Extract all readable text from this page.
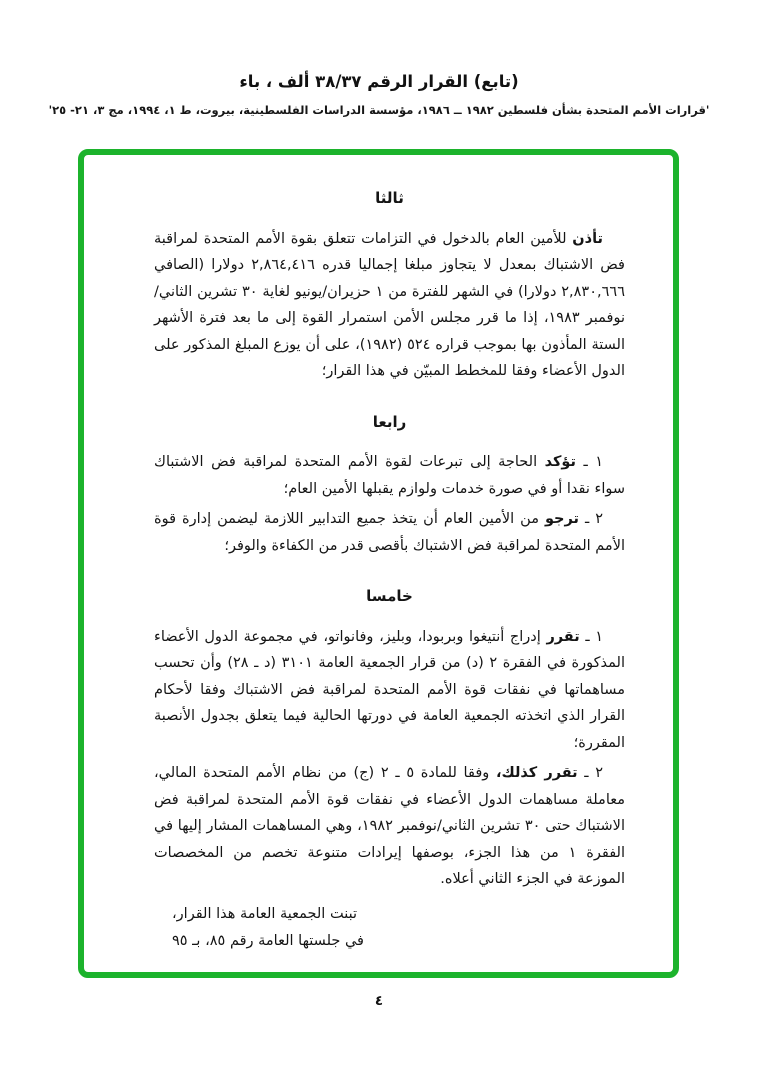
(تابع) القرار الرقم ٣٨/٣٧ ألف ، باء
'قرارات الأمم المتحدة بشأن فلسطين ١٩٨٢ ــ ١٩٨٦، مؤسسة الدراسات الفلسطينية، بيروت، ط ١، ١٩٩٤، مج ٣، ٢١- ٢٥'
ثالثا

تأذن للأمين العام بالدخول في التزامات تتعلق بقوة الأمم المتحدة لمراقبة فض الاشتباك بمعدل لا يتجاوز مبلغا إجماليا قدره ٢,٨٦٤,٤١٦ دولارا (الصافي ٢,٨٣٠,٦٦٦ دولارا) في الشهر للفترة من ١ حزيران/يونيو لغاية ٣٠ تشرين الثاني/نوفمبر ١٩٨٣، إذا ما قرر مجلس الأمن استمرار القوة إلى ما بعد فترة الأشهر الستة المأذون بها بموجب قراره ٥٢٤ (١٩٨٢)، على أن يوزع المبلغ المذكور على الدول الأعضاء وفقا للمخطط المبيّن في هذا القرار؛

رابعا

١ ـ تؤكد الحاجة إلى تبرعات لقوة الأمم المتحدة لمراقبة فض الاشتباك سواء نقدا أو في صورة خدمات ولوازم يقبلها الأمين العام؛

٢ ـ ترجو من الأمين العام أن يتخذ جميع التدابير اللازمة ليضمن إدارة قوة الأمم المتحدة لمراقبة فض الاشتباك بأقصى قدر من الكفاءة والوفر؛

خامسا

١ ـ تقرر إدراج أنتيغوا وبربودا، وبليز، وفانواتو، في مجموعة الدول الأعضاء المذكورة في الفقرة ٢ (د) من قرار الجمعية العامة ٣١٠١ (د ـ ٢٨) وأن تحسب مساهماتها في نفقات قوة الأمم المتحدة لمراقبة فض الاشتباك وفقا لأحكام القرار الذي اتخذته الجمعية العامة في دورتها الحالية فيما يتعلق بجدول الأنصبة المقررة؛

٢ ـ تقرر كذلك، وفقا للمادة ٥ ـ ٢ (ج) من نظام الأمم المتحدة المالي، معاملة مساهمات الدول الأعضاء في نفقات قوة الأمم المتحدة لمراقبة فض الاشتباك حتى ٣٠ تشرين الثاني/نوفمبر ١٩٨٢، وهي المساهمات المشار إليها في الفقرة ١ من هذا الجزء، بوصفها إيرادات متنوعة تخصم من المخصصات الموزعة في الجزء الثاني أعلاه.

تبنت الجمعية العامة هذا القرار،
في جلستها العامة رقم ٨٥، بـ ٩٥
٤
